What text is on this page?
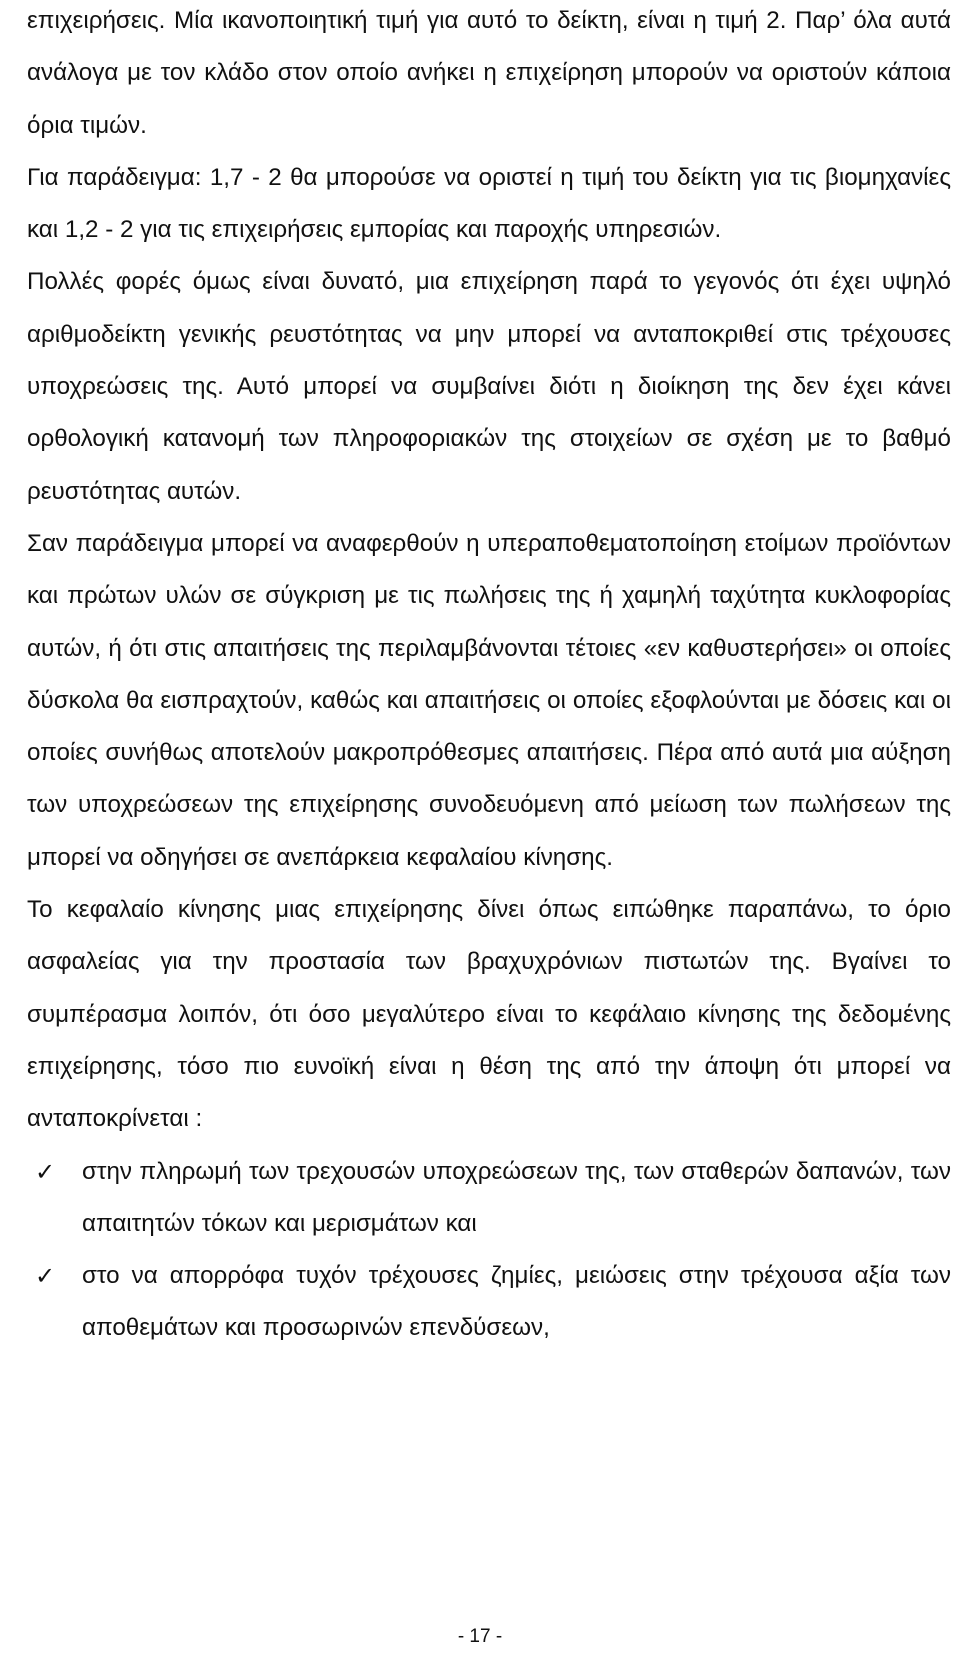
επιχειρήσεις. Μία ικανοποιητική τιμή για αυτό το δείκτη, είναι η τιμή 2. Παρ’ όλα αυτά ανάλογα με τον κλάδο στον οποίο ανήκει η επιχείρηση μπορούν να οριστούν κάποια όρια τιμών.

Για παράδειγμα: 1,7 - 2 θα μπορούσε να οριστεί η τιμή του δείκτη για τις βιομηχανίες και 1,2 - 2 για τις επιχειρήσεις εμπορίας και παροχής υπηρεσιών.

Πολλές φορές όμως είναι δυνατό, μια επιχείρηση παρά το γεγονός ότι έχει υψηλό αριθμοδείκτη γενικής ρευστότητας να μην μπορεί να ανταποκριθεί στις τρέχουσες υποχρεώσεις της. Αυτό μπορεί να συμβαίνει διότι η διοίκηση της δεν έχει κάνει ορθολογική κατανομή των πληροφοριακών της στοιχείων σε σχέση με το βαθμό ρευστότητας αυτών.

Σαν παράδειγμα μπορεί να αναφερθούν η υπεραποθεματοποίηση ετοίμων προϊόντων και πρώτων υλών σε σύγκριση με τις πωλήσεις της ή χαμηλή ταχύτητα κυκλοφορίας αυτών, ή ότι στις απαιτήσεις της περιλαμβάνονται τέτοιες «εν καθυστερήσει» οι οποίες δύσκολα θα εισπραχτούν, καθώς και απαιτήσεις οι οποίες εξοφλούνται με δόσεις και οι οποίες συνήθως αποτελούν μακροπρόθεσμες απαιτήσεις. Πέρα από αυτά μια αύξηση των υποχρεώσεων της επιχείρησης συνοδευόμενη από μείωση των πωλήσεων της μπορεί να οδηγήσει σε ανεπάρκεια κεφαλαίου κίνησης.

Το κεφαλαίο κίνησης μιας επιχείρησης δίνει όπως ειπώθηκε παραπάνω, το όριο ασφαλείας για την προστασία των βραχυχρόνιων πιστωτών της. Βγαίνει το συμπέρασμα λοιπόν, ότι όσο μεγαλύτερο είναι το κεφάλαιο κίνησης της δεδομένης επιχείρησης, τόσο πιο ευνοϊκή είναι η θέση της από την άποψη ότι μπορεί να ανταποκρίνεται :

✓ στην πληρωμή των τρεχουσών υποχρεώσεων της, των σταθερών δαπανών, των απαιτητών τόκων και μερισμάτων και
✓ στο να απορρόφα τυχόν τρέχουσες ζημίες, μειώσεις στην τρέχουσα αξία των αποθεμάτων και προσωρινών επενδύσεων,
- 17 -
